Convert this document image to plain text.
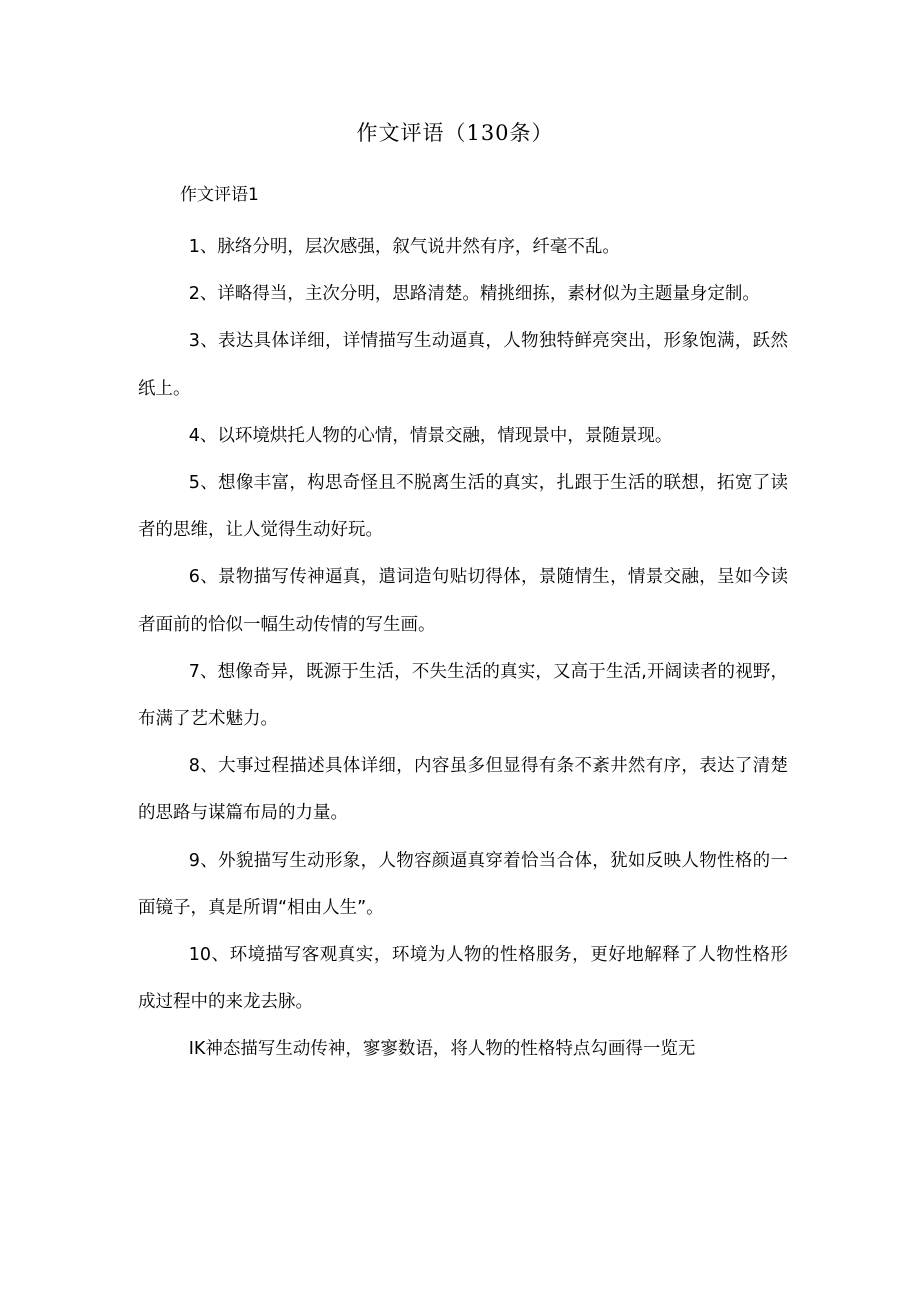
作文评语（130条）
作文评语1

1、脉络分明，层次感强，叙气说井然有序，纤毫不乱。

2、详略得当，主次分明，思路清楚。精挑细拣，素材似为主题量身定制。

3、表达具体详细，详情描写生动逼真，人物独特鲜亮突出，形象饱满，跃然纸上。

4、以环境烘托人物的心情，情景交融，情现景中，景随景现。

5、想像丰富，构思奇怪且不脱离生活的真实，扎跟于生活的联想，拓宽了读者的思维，让人觉得生动好玩。

6、景物描写传神逼真，遣词造句贴切得体，景随情生，情景交融，呈如今读者面前的恰似一幅生动传情的写生画。

7、想像奇异，既源于生活，不失生活的真实，又高于生活,开阔读者的视野，布满了艺术魅力。

8、大事过程描述具体详细，内容虽多但显得有条不紊井然有序，表达了清楚的思路与谋篇布局的力量。

9、外貌描写生动形象，人物容颜逼真穿着恰当合体，犹如反映人物性格的一面镜子，真是所谓“相由人生”。

10、环境描写客观真实，环境为人物的性格服务，更好地解释了人物性格形成过程中的来龙去脉。

IK神态描写生动传神，寥寥数语，将人物的性格特点勾画得一览无
